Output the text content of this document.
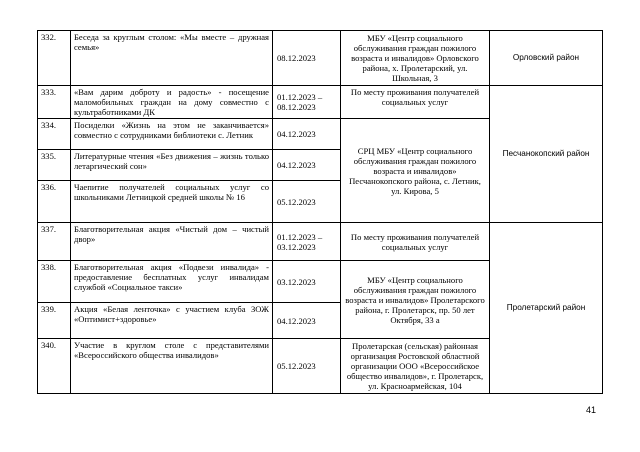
332.	Беседа за круглым столом: «Мы вместе – дружная семья»	08.12.2023	МБУ «Центр социального обслуживания граждан пожилого возраста и инвалидов» Орловского района, х. Пролетарский, ул. Школьная, 3	Орловский район
333.	«Вам дарим доброту и радость» - посещение маломобильных граждан на дому совместно с культработниками ДК	01.12.2023 – 08.12.2023	По месту проживания получателей социальных услуг	Песчанокопский район
334.	Посиделки «Жизнь на этом не заканчивается» совместно с сотрудниками библиотеки с. Летник	04.12.2023	СРЦ МБУ «Центр социального обслуживания граждан пожилого возраста и инвалидов» Песчанокопского района, с. Летник, ул. Кирова, 5	
335.	Литературные чтения «Без движения – жизнь только летаргический сон»	04.12.2023		
336.	Чаепитие получателей социальных услуг со школьниками Летницкой средней школы № 16	05.12.2023		
337.	Благотворительная акция «Чистый дом – чистый двор»	01.12.2023 – 03.12.2023	По месту проживания получателей социальных услуг	Пролетарский район
338.	Благотворительная акция «Подвези инвалида» - предоставление бесплатных услуг инвалидам службой «Социальное такси»	03.12.2023	МБУ «Центр социального обслуживания граждан пожилого возраста и инвалидов» Пролетарского района, г. Пролетарск, пр. 50 лет Октября, 33 а	
339.	Акция «Белая ленточка» с участием клуба ЗОЖ «Оптимист+здоровье»	04.12.2023		
340.	Участие в круглом столе с представителями «Всероссийского общества инвалидов»	05.12.2023	Пролетарская (сельская) районная организация Ростовской областной организации ООО «Всероссийское общество инвалидов», г. Пролетарск, ул. Красноармейская, 104	
41
